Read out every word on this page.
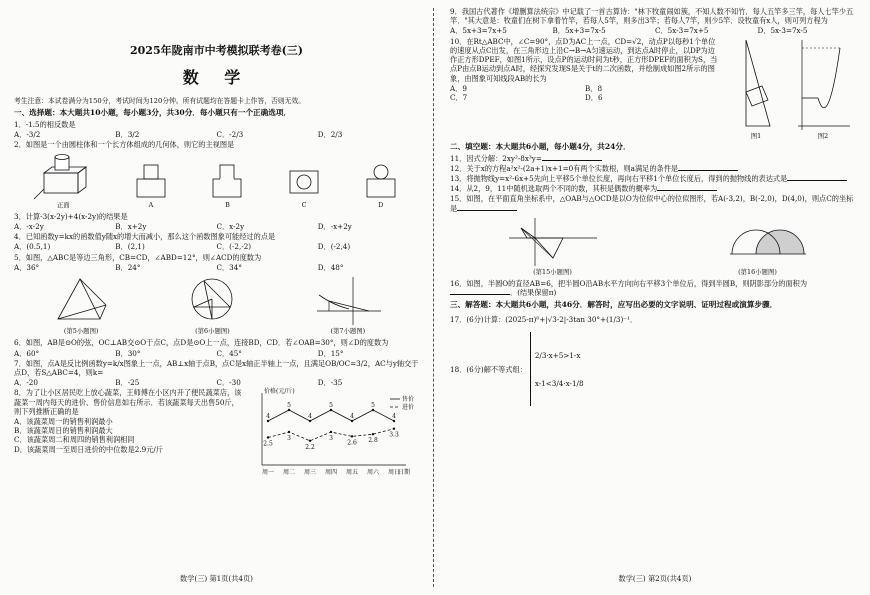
2025年陇南市中考模拟联考卷(三)
数 学
考生注意：本试卷满分为150分，考试时间为120分钟。所有试题均在答题卡上作答，否则无效。
一、选择题：本大题共10小题，每小题3分，共30分．每小题只有一个正确选项．
1．-1.5的相反数是
A．-3/2	B．3/2	C．-2/3	D．2/3
2．如图是一个由圆柱体和一个长方体组成的几何体，则它的主视图是
正面	A	B	C	D
3．计算-3(x-2y)+4(x-2y)的结果是
A．-x-2y	B．x+2y	C．x-2y	D．-x+2y
4．已知函数y=kx的函数值y随x的增大而减小，那么这个函数图象可能经过的点是
A．(0.5,1)	B．(2,1)	C．(-2,-2)	D．(-2,4)
5．如图，△ABC是等边三角形，CB=CD，∠ABD=12°，则∠ACD的度数为
A．36°	B．24°	C．34°	D．48°
(第5小题图)	(第6小题图)	(第7小题图)
6．如图，AB是⊙O的弦，OC⊥AB交⊙O于点C，点D是⊙O上一点，连接BD，CD．若∠OAB=30°，则∠D的度数为
A．60°	B．30°	C．45°	D．15°
7．如图，点A是反比例函数y=k/x图象上一点，AB⊥x轴于点B，点C是x轴正半轴上一点，且满足OB/OC=3/2，AC与y轴交于点D，若S△ABC=4，则k=
A．-20	B．-25	C．-30	D．-35
8．为了让小区居民吃上放心蔬菜，王师傅在小区内开了便民蔬菜店，该蔬菜一周内每天的进价、售价信息如右所示．若该蔬菜每天出售50斤，则下列推断正确的是
A．该蔬菜周一的销售利润最小
B．该蔬菜周日的销售利润最大
C．该蔬菜周二和周四的销售利润相同
D．该蔬菜周一至周日进价的中位数是2.9元/斤
价格(元/斤)
日期
周一 周二 周三 周四 周五 周六 周日
4
5
4
5
4
5
4
售价
2.5
3
2.2
3
2.6 2.8
3.3
进价
数学(三) 第1页(共4页)
9．我国古代著作《增删算法统宗》中记载了一首古算诗："林下牧童闹如簇，不知人数不知竹．每人五竿多三竿，每人七竿少五竿．"其大意是：牧童们在树下拿着竹竿，若每人5竿，则多出3竿；若每人7竿，则少5竿．设牧童有x人，则可列方程为
A．5x+3=7x+5	B．5x+3=7x-5	C．5x-3=7x+5	D．5x-3=7x-5
10．在Rt△ABC中，∠C=90°，点D为AC上一点，CD=√2，动点P以每秒1个单位的速度从点C出发，在三角形边上沿C→B→A匀速运动，到达点A时停止，以DP为边作正方形DPEF，如图1所示，设点P的运动时间为t秒，正方形DPEF的面积为S，当点P由点B运动到点A时，经探究发现S是关于t的二次函数，并绘制成如图2所示的图象，由图象可知线段AB的长为
A．9	B．8
C．7	D．6
图1	图2
二、填空题：本大题共6小题，每小题4分，共24分．
11．因式分解：2xy²-8x³y=
12．关于x的方程a²x²-(2a+1)x+1=0有两个实数根，则a满足的条件是
13．将抛物线y=x²-6x+5先向上平移5个单位长度，再向右平移1个单位长度后，得到的抛物线的表达式是
14．从2，9，11中随机选取两个不同的数，其积是偶数的概率为
15．如图，在平面直角坐标系中，△OAB与△OCD是以O为位似中心的位似图形，若A(-3,2)，B(-2,0)，D(4,0)，则点C的坐标是
(第15小题图)	(第16小题图)
16．如图，半圆O的直径AB=6，把半圆O沿AB水平方向向右平移3个单位后，得到半圆B，则阴影部分的面积为．(结果保留π)
三、解答题：本大题共6小题，共46分．解答时，应写出必要的文字说明、证明过程或演算步骤．
17．(6分)计算：(2025-π)⁰+|√3-2|-3tan 30°+(1/3)⁻¹．
18．(6分)解不等式组：

2/3·x+5>1-x

x-1<3/4·x-1/8

数学(三) 第2页(共4页)
